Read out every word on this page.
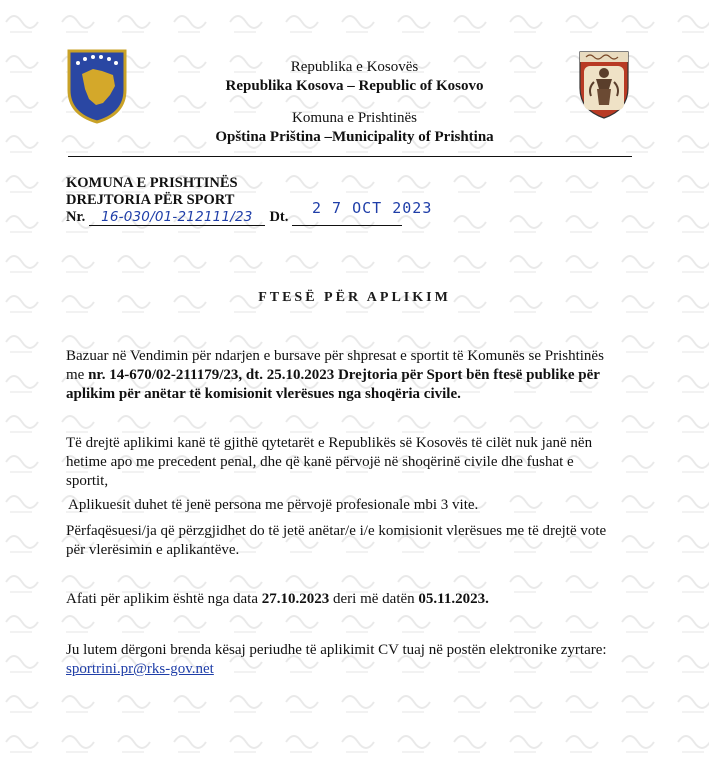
Republika e Kosovës
Republika Kosova – Republic of Kosovo
Komuna e Prishtinës
Opština Priština –Municipality of Prishtina
KOMUNA E PRISHTINËS
DREJTORIA PËR SPORT
Nr. 16-030/01-212111/23 Dt.	2 7 OCT 2023
FTESË PËR APLIKIM
Bazuar në Vendimin për ndarjen e bursave për shpresat e sportit të Komunës se Prishtinës me nr. 14-670/02-211179/23, dt. 25.10.2023 Drejtoria për Sport bën ftesë publike për aplikim për anëtar të komisionit vlerësues nga shoqëria civile.
Të drejtë aplikimi kanë të gjithë qytetarët e Republikës së Kosovës të cilët nuk janë nën hetime apo me precedent penal, dhe që kanë përvojë në shoqërinë civile dhe fushat e sportit,
Aplikuesit duhet të jenë persona me përvojë profesionale mbi 3 vite.
Përfaqësuesi/ja që përzgjidhet do të jetë anëtar/e i/e komisionit vlerësues me të drejtë vote për vlerësimin e aplikantëve.
Afati për aplikim është nga data 27.10.2023 deri më datën 05.11.2023.
Ju lutem dërgoni brenda kësaj periudhe të aplikimit CV tuaj në postën elektronike zyrtare: sportrini.pr@rks-gov.net
